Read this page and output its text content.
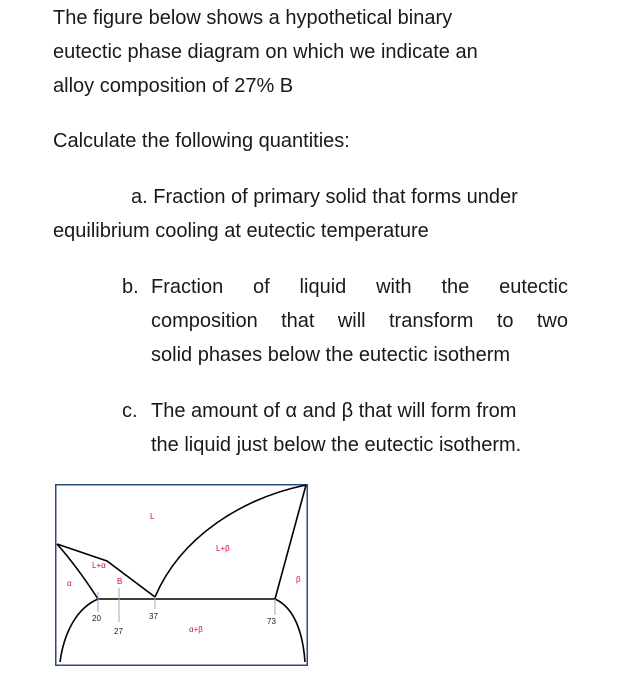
The figure below shows a hypothetical binary
eutectic phase diagram on which we indicate an
alloy composition of 27% B
Calculate the following quantities:
a. Fraction of primary solid that forms under
equilibrium cooling at eutectic temperature
b. Fraction of liquid with the eutectic
composition that will transform to two
solid phases below the eutectic isotherm
c. The amount of α and β that will form from
the liquid just below the eutectic isotherm.
L
L+α
L+β
α	β
B
α+β
20
27
37
73
